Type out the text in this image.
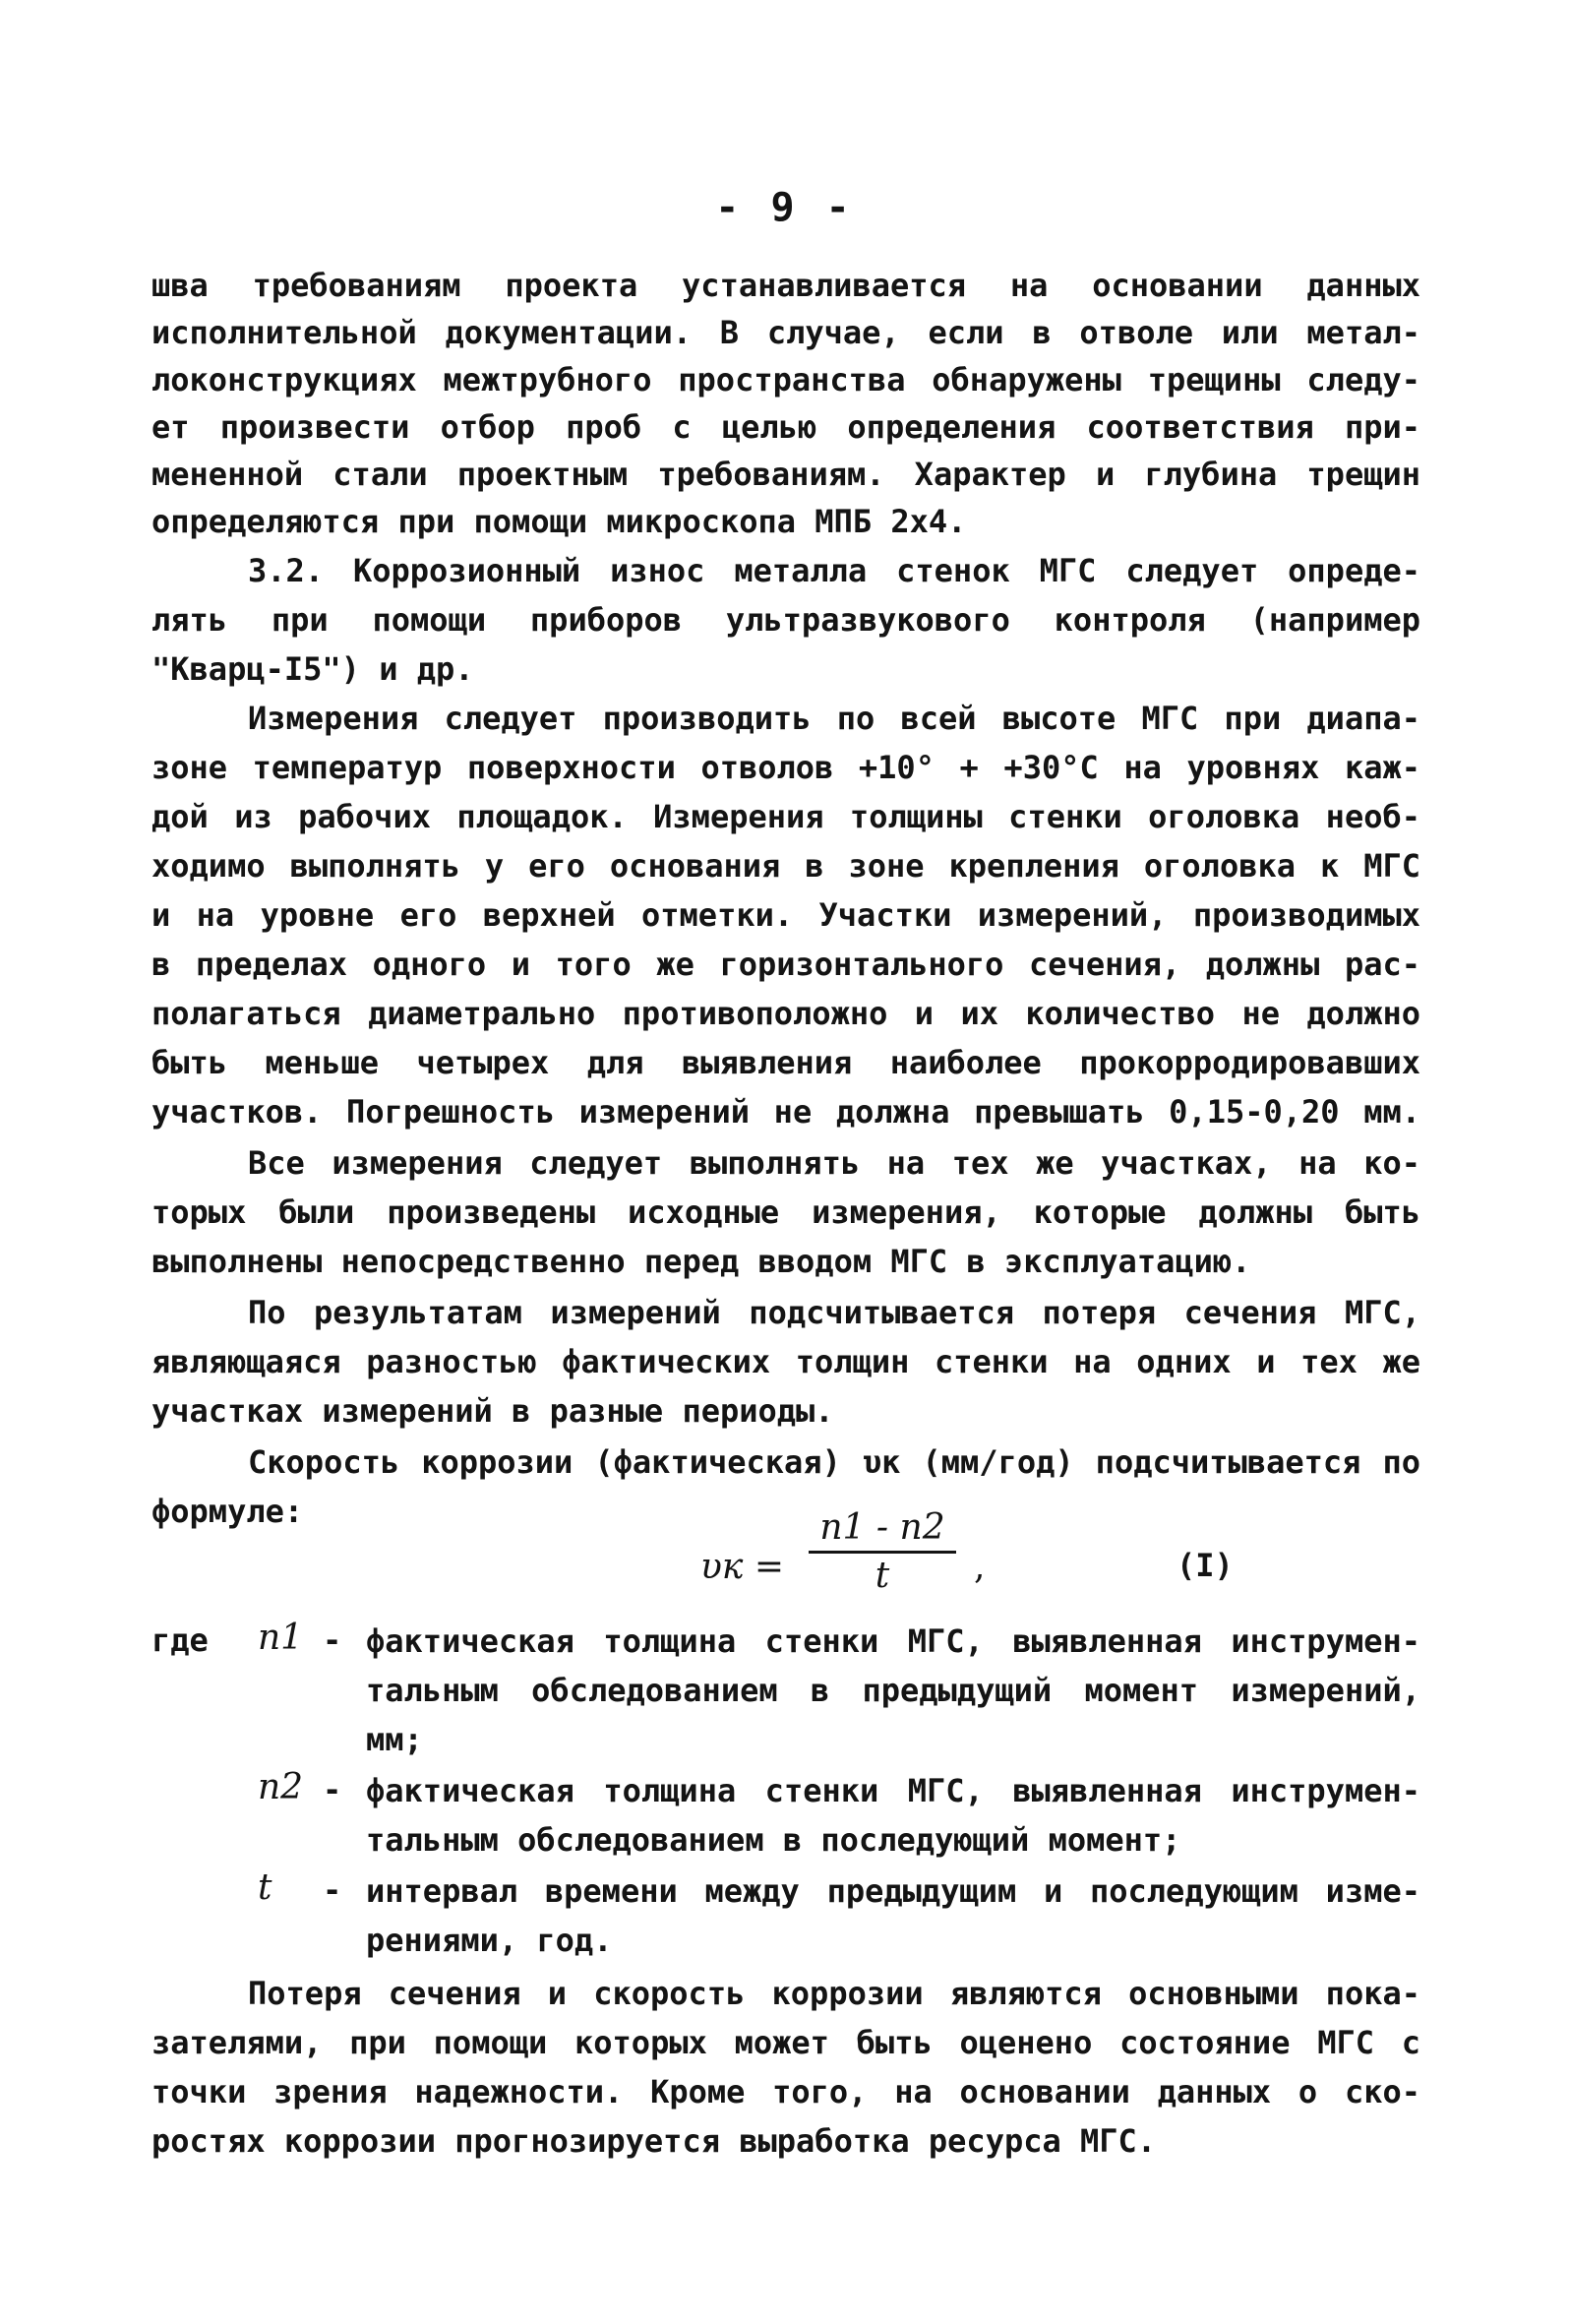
- 9 -
шва требованиям проекта устанавливается на основании данных
исполнительной документации. В случае, если в отволе или метал-
локонструкциях межтрубного пространства обнаружены трещины следу-
ет произвести отбор проб с целью определения соответствия при-
мененной стали проектным требованиям. Характер и глубина трещин
определяются при помощи микроскопа МПБ 2х4.
3.2. Коррозионный износ металла стенок МГС следует опреде-
лять при помощи приборов ультразвукового контроля (например
"Кварц-І5") и др.
Измерения следует производить по всей высоте МГС при диапа-
зоне температур поверхности отволов +10° + +30°С на уровнях каж-
дой из рабочих площадок. Измерения толщины стенки оголовка необ-
ходимо выполнять у его основания в зоне крепления оголовка к МГС
и на уровне его верхней отметки. Участки измерений, производимых
в пределах одного и того же горизонтального сечения, должны рас-
полагаться диаметрально противоположно и их количество не должно
быть меньше четырех для выявления наиболее прокорродировавших
участков. Погрешность измерений не должна превышать 0,15-0,20 мм.
Все измерения следует выполнять на тех же участках, на ко-
торых были произведены исходные измерения, которые должны быть
выполнены непосредственно перед вводом МГС в эксплуатацию.
По результатам измерений подсчитывается потеря сечения МГС,
являющаяся разностью фактических толщин стенки на одних и тех же
участках измерений в разные периоды.
Скорость коррозии (фактическая) υк (мм/год) подсчитывается по
формуле:
$\upsilon к = \frac{n1 - n2}{t}$ ,	(I)
где n1 - фактическая толщина стенки МГС, выявленная инструмен-
тальным обследованием в предыдущий момент измерений,
мм;
n2 - фактическая толщина стенки МГС, выявленная инструмен-
тальным обследованием в последующий момент;
t - интервал времени между предыдущим и последующим изме-
рениями, год.
Потеря сечения и скорость коррозии являются основными пока-
зателями, при помощи которых может быть оценено состояние МГС с
точки зрения надежности. Кроме того, на основании данных о ско-
ростях коррозии прогнозируется выработка ресурса МГС.
